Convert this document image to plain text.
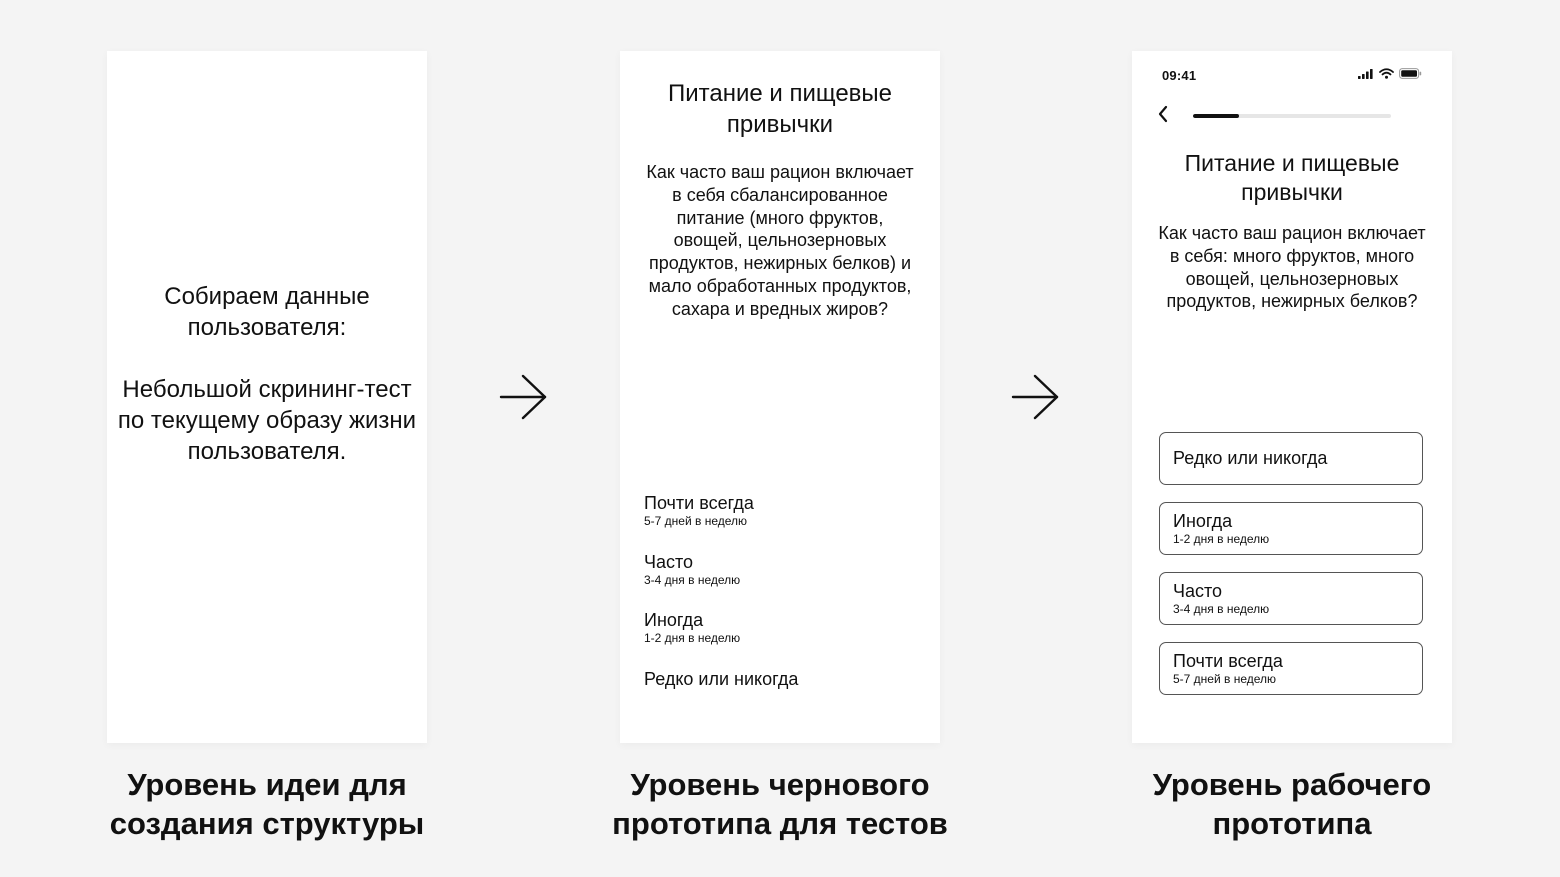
Собираем данные пользователя:

Небольшой скрининг-тест по текущему образу жизни пользователя.

Питание и пищевые привычки
Как часто ваш рацион включает в себя сбалансированное питание (много фруктов, овощей, цельнозерновых продуктов, нежирных белков) и мало обработанных продуктов, сахара и вредных жиров?
Почти всегда
5-7 дней в неделю
Часто
3-4 дня в неделю
Иногда
1-2 дня в неделю
Редко или никогда
09:41
Питание и пищевые привычки
Как часто ваш рацион включает в себя: много фруктов, много овощей, цельнозерновых продуктов, нежирных белков?
Редко или никогда
Иногда
1-2 дня в неделю
Часто
3-4 дня в неделю
Почти всегда
5-7 дней в неделю
Уровень идеи для создания структуры
Уровень чернового прототипа для тестов
Уровень рабочего прототипа
